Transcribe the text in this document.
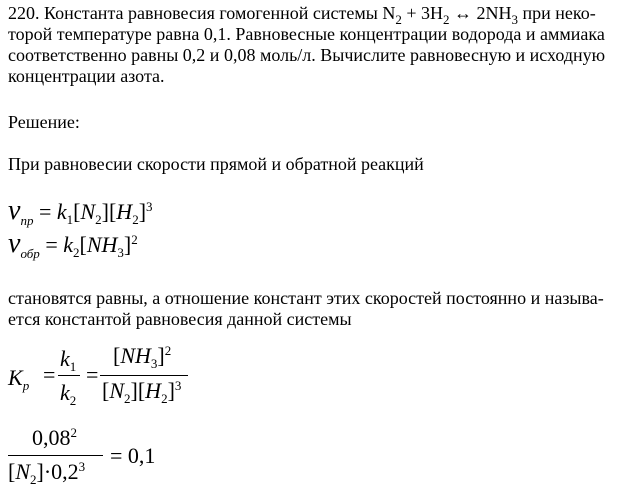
220. Константа равновесия гомогенной системы $N_2 + 3H_2$ ↔ $2NH_3$ при неко-
торой температуре равна 0,1. Равновесные концентрации водорода и аммиака
соответственно равны 0,2 и 0,08 моль/л. Вычислите равновесную и исходную
концентрации азота.
Решение:
При равновесии скорости прямой и обратной реакций
$\nu_{пр} = k_1[N_2][H_2]^3$
$\nu_{обр} = k_2[NH_3]^2$
становятся равны, а отношение констант этих скоростей постоянно и называ-
ется константой равновесия данной системы
$K_p$ =
$k_1$
$k_2$
=
$[NH_3]^2$
$[N_2][H_2]^3$
0,08$^2$
$[N_2]\cdot 0,2^3 = 0,1$
